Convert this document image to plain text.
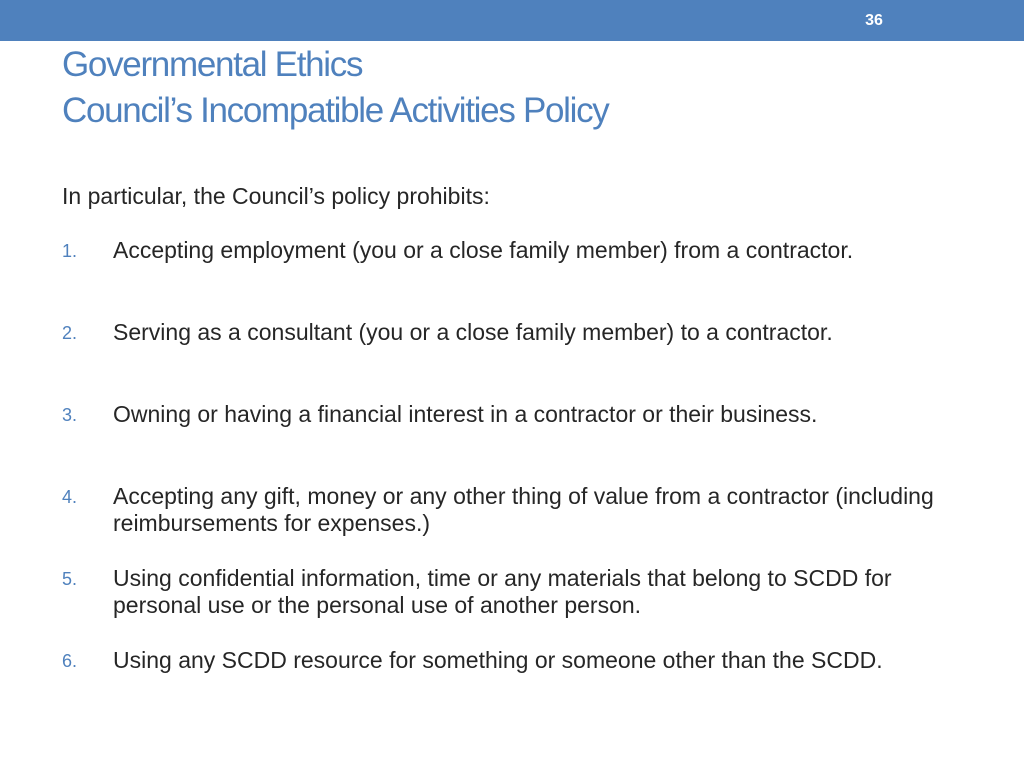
36
Governmental Ethics
Council’s Incompatible Activities Policy

In particular, the Council’s policy prohibits:

1. Accepting employment (you or a close family member) from a contractor.
2. Serving as a consultant (you or a close family member) to a contractor.
3. Owning or having a financial interest in a contractor or their business.
4. Accepting any gift, money or any other thing of value from a contractor (including reimbursements for expenses.)
5. Using confidential information, time or any materials that belong to SCDD for personal use or the personal use of another person.
6. Using any SCDD resource for something or someone other than the SCDD.
